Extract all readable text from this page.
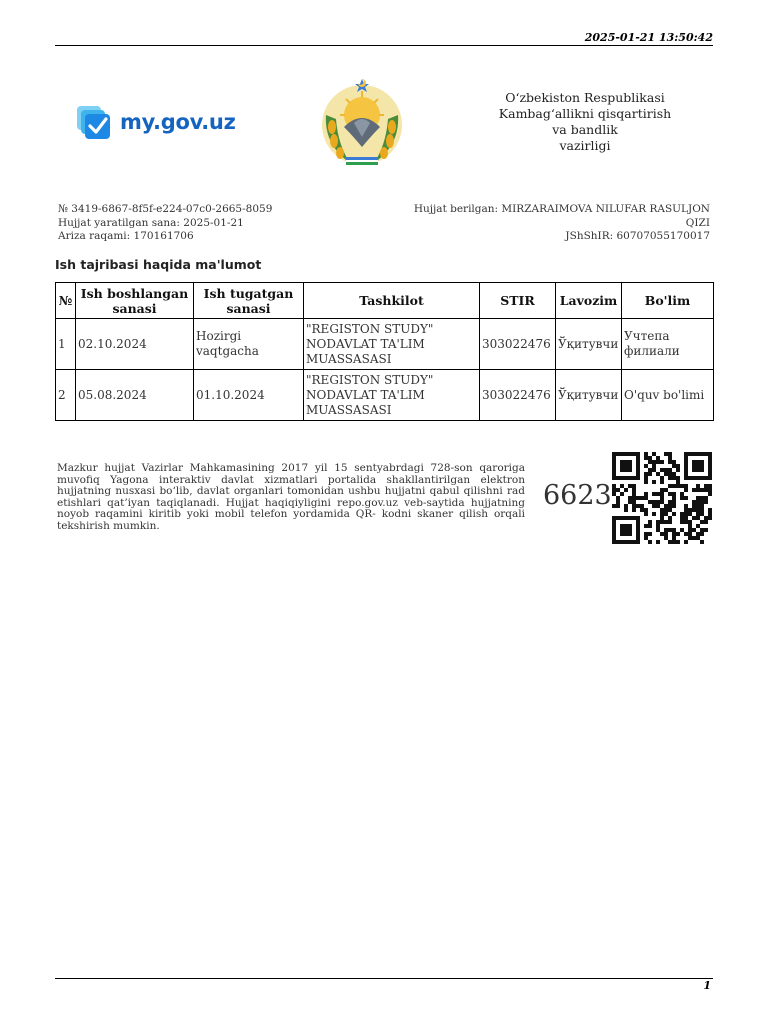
2025-01-21 13:50:42
my.gov.uz
O‘zbekiston Respublikasi
Kambag‘allikni qisqartirish
va bandlik
vazirligi
№ 3419-6867-8f5f-e224-07c0-2665-8059
Hujjat yaratilgan sana: 2025-01-21
Ariza raqami: 170161706
Hujjat berilgan: MIRZARAIMOVA NILUFAR RASULJON
QIZI
JShShIR: 60707055170017
Ish tajribasi haqida ma'lumot
№	Ish boshlangan sanasi	Ish tugatgan sanasi	Tashkilot	STIR	Lavozim	Bo'lim
1	02.10.2024	Hozirgi vaqtgacha	"REGISTON STUDY" NODAVLAT TA'LIM MUASSASASI	303022476	Ўқитувчи	Учтепа филиали
2	05.08.2024	01.10.2024	"REGISTON STUDY" NODAVLAT TA'LIM MUASSASASI	303022476	Ўқитувчи	O'quv bo'limi
Mazkur hujjat Vazirlar Mahkamasining 2017 yil 15 sentyabrdagi 728-son qaroriga muvofiq Yagona interaktiv davlat xizmatlari portalida shakllantirilgan elektron hujjatning nusxasi bo‘lib, davlat organlari tomonidan ushbu hujjatni qabul qilishni rad etishlari qat’iyan taqiqlanadi. Hujjat haqiqiyligini repo.gov.uz veb-saytida hujjatning noyob raqamini kiritib yoki mobil telefon yordamida QR- kodni skaner qilish orqali tekshirish mumkin.
6623
1
